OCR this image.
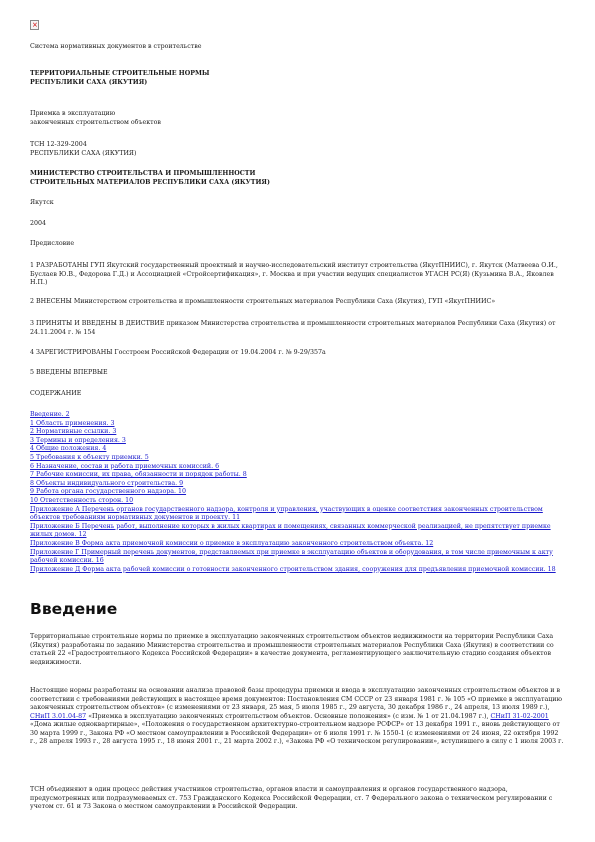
×
Система нормативных документов в строительстве
ТЕРРИТОРИАЛЬНЫЕ СТРОИТЕЛЬНЫЕ НОРМЫ
РЕСПУБЛИКИ САХА (ЯКУТИЯ)
Приемка в эксплуатацию
законченных строительством объектов
ТСН 12-329-2004
РЕСПУБЛИКИ САХА (ЯКУТИЯ)
МИНИСТЕРСТВО СТРОИТЕЛЬСТВА И ПРОМЫШЛЕННОСТИ
СТРОИТЕЛЬНЫХ МАТЕРИАЛОВ РЕСПУБЛИКИ САХА (ЯКУТИЯ)
Якутск
2004
Предисловие
1 РАЗРАБОТАНЫ ГУП Якутский государственный проектный и научно-исследовательский институт строительства (ЯкутПНИИС), г. Якутск (Матвеева О.И., Буслаев Ю.В., Федорова Г.Д.) и Ассоциацией «Стройсертификация», г. Москва и при участии ведущих специалистов УГАСН РС(Я) (Кузьмина В.А., Яковлев Н.П.)
2 ВНЕСЕНЫ Министерством строительства и промышленности строительных материалов Республики Саха (Якутия), ГУП «ЯкутПНИИС»
3 ПРИНЯТЫ И ВВЕДЕНЫ В ДЕЙСТВИЕ приказом Министерства строительства и промышленности строительных материалов Республики Саха (Якутия) от 24.11.2004 г. № 154
4 ЗАРЕГИСТРИРОВАНЫ Госстроем Российской Федерации от 19.04.2004 г. № 9-29/357а
5 ВВЕДЕНЫ ВПЕРВЫЕ
СОДЕРЖАНИЕ
Введение. 2
1 Область применения. 3
2 Нормативные ссылки. 3
3 Термины и определения. 3
4 Общие положения. 4
5 Требования к объекту приемки. 5
6 Назначение, состав и работа приемочных комиссий. 6
7 Рабочие комиссии, их права, обязанности и порядок работы. 8
8 Объекты индивидуального строительства. 9
9 Работа органа государственного надзора. 10
10 Ответственность сторон. 10
Приложение А Перечень органов государственного надзора, контроля и управления, участвующих в оценке соответствия законченных строительством объектов требованиям нормативных документов и проекту. 11
Приложение Б Перечень работ, выполнение которых в жилых квартирах и помещениях, связанных коммерческой реализацией, не препятствует приемке жилых домов. 12
Приложение В Форма акта приемочной комиссии о приемке в эксплуатацию законченного строительством объекта. 12
Приложение Г Примерный перечень документов, представляемых при приемке в эксплуатацию объектов и оборудования, в том числе приемочным к акту рабочей комиссии. 16
Приложение Д Форма акта рабочей комиссии о готовности законченного строительством здания, сооружения для предъявления приемочной комиссии. 18
Введение
Территориальные строительные нормы по приемке в эксплуатацию законченных строительством объектов недвижимости на территории Республики Саха (Якутия) разработаны по заданию Министерства строительства и промышленности строительных материалов Республики Саха (Якутия) в соответствии со статьей 22 «Градостроительного Кодекса Российской Федерации» в качестве документа, регламентирующего заключительную стадию создания объектов недвижимости.
Настоящие нормы разработаны на основании анализа правовой базы процедуры приемки и ввода в эксплуатацию законченных строительством объектов и в соответствии с требованиями действующих в настоящее время документов: Постановления СМ СССР от 23 января 1981 г. № 105 «О приемке в эксплуатацию законченных строительством объектов» (с изменениями от 23 января, 25 мая, 5 июля 1985 г., 29 августа, 30 декабря 1986 г., 24 апреля, 13 июля 1989 г.), СНиП 3.01.04-87 «Приемка в эксплуатацию законченных строительством объектов. Основные положения» (с изм. № 1 от 21.04.1987 г.), СНиП 31-02-2001 «Дома жилые одноквартирные», «Положения о государственном архитектурно-строительном надзоре РСФСР» от 13 декабря 1991 г., вновь действующего от 30 марта 1999 г., Закона РФ «О местном самоуправлении в Российской Федерации» от 6 июля 1991 г. № 1550-1 (с изменениями от 24 июня, 22 октября 1992 г., 28 апреля 1993 г., 28 августа 1995 г., 18 июня 2001 г., 21 марта 2002 г.), «Закона РФ «О техническом регулировании», вступившего в силу с 1 июля 2003 г.
ТСН объединяют в один процесс действия участников строительства, органов власти и самоуправления и органов государственного надзора, предусмотренных или подразумеваемых ст. 753 Гражданского Кодекса Российской Федерации, ст. 7 Федерального закона о техническом регулировании с учетом ст. 61 и 73 Закона о местном самоуправлении в Российской Федерации.
